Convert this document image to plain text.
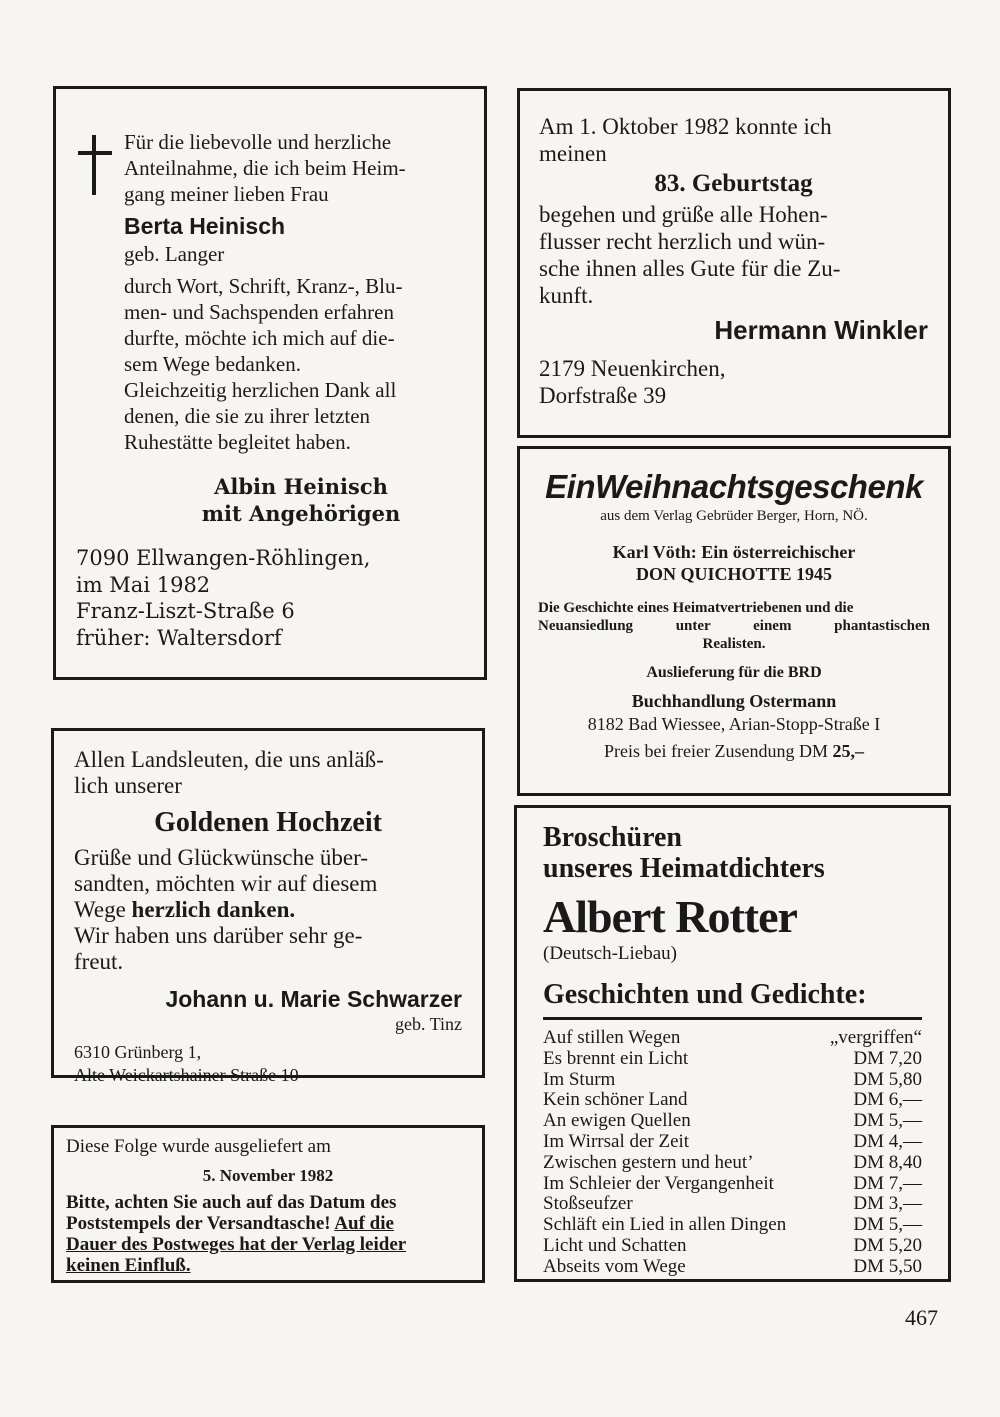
Für die liebevolle und herzliche

Anteilnahme, die ich beim Heim-

gang meiner lieben Frau

Berta Heinisch

geb. Langer

durch Wort, Schrift, Kranz-, Blu-

men- und Sachspenden erfahren

durfte, möchte ich mich auf die-

sem Wege bedanken.

Gleichzeitig herzlichen Dank all

denen, die sie zu ihrer letzten

Ruhestätte begleitet haben.

Albin Heinisch

mit Angehörigen

7090 Ellwangen-Röhlingen,

im Mai 1982

Franz-Liszt-Straße 6

früher: Waltersdorf

Am 1. Oktober 1982 konnte ich

meinen

83. Geburtstag

begehen und grüße alle Hohen-

flusser recht herzlich und wün-

sche ihnen alles Gute für die Zu-

kunft.

Hermann Winkler

2179 Neuenkirchen,

Dorfstraße 39

EinWeihnachtsgeschenk

aus dem Verlag Gebrüder Berger, Horn, NÖ.

Karl Vöth: Ein österreichischer

DON QUICHOTTE 1945

Die Geschichte eines Heimatvertriebenen und die

Neuansiedlung unter einem phantastischen

Realisten.

Auslieferung für die BRD

Buchhandlung Ostermann

8182 Bad Wiessee, Arian-Stopp-Straße I

Preis bei freier Zusendung DM 25,–

Allen Landsleuten, die uns anläß-

lich unserer

Goldenen Hochzeit

Grüße und Glückwünsche über-

sandten, möchten wir auf diesem

Wege herzlich danken.

Wir haben uns darüber sehr ge-

freut.

Johann u. Marie Schwarzer

geb. Tinz

6310 Grünberg 1,

Alte Weickartshainer Straße 10

Diese Folge wurde ausgeliefert am

5. November 1982

Bitte, achten Sie auch auf das Datum des

Poststempels der Versandtasche! Auf die

Dauer des Postweges hat der Verlag leider

keinen Einfluß.

Broschüren

unseres Heimatdichters

Albert Rotter

(Deutsch-Liebau)

Geschichten und Gedichte:

Auf stillen Wegen	„vergriffen“
Es brennt ein Licht	DM 7,20
Im Sturm	DM 5,80
Kein schöner Land	DM 6,—
An ewigen Quellen	DM 5,—
Im Wirrsal der Zeit	DM 4,—
Zwischen gestern und heut’	DM 8,40
Im Schleier der Vergangenheit	DM 7,—
Stoßseufzer	DM 3,—
Schläft ein Lied in allen Dingen	DM 5,—
Licht und Schatten	DM 5,20
Abseits vom Wege	DM 5,50
467
